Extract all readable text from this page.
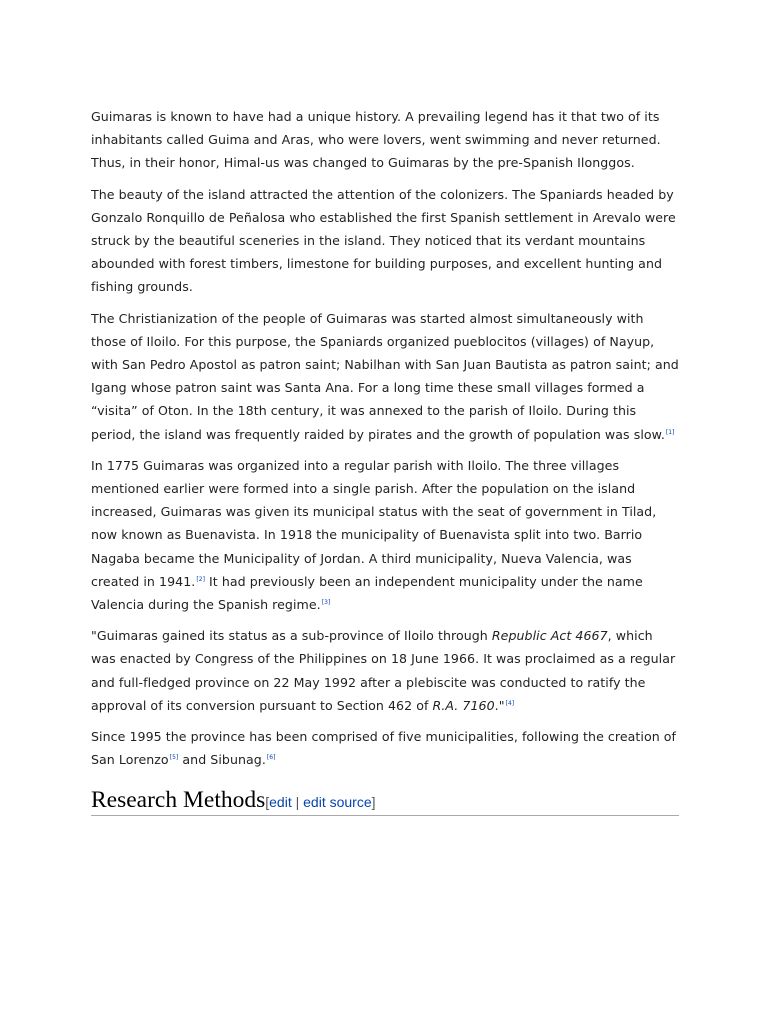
Guimaras is known to have had a unique history. A prevailing legend has it that two of its inhabitants called Guima and Aras, who were lovers, went swimming and never returned. Thus, in their honor, Himal-us was changed to Guimaras by the pre-Spanish Ilonggos.

The beauty of the island attracted the attention of the colonizers. The Spaniards headed by Gonzalo Ronquillo de Peñalosa who established the first Spanish settlement in Arevalo were struck by the beautiful sceneries in the island. They noticed that its verdant mountains abounded with forest timbers, limestone for building purposes, and excellent hunting and fishing grounds.

The Christianization of the people of Guimaras was started almost simultaneously with those of Iloilo. For this purpose, the Spaniards organized pueblocitos (villages) of Nayup, with San Pedro Apostol as patron saint; Nabilhan with San Juan Bautista as patron saint; and Igang whose patron saint was Santa Ana. For a long time these small villages formed a “visita” of Oton. In the 18th century, it was annexed to the parish of Iloilo. During this period, the island was frequently raided by pirates and the growth of population was slow.[1]

In 1775 Guimaras was organized into a regular parish with Iloilo. The three villages mentioned earlier were formed into a single parish. After the population on the island increased, Guimaras was given its municipal status with the seat of government in Tilad, now known as Buenavista. In 1918 the municipality of Buenavista split into two. Barrio Nagaba became the Municipality of Jordan. A third municipality, Nueva Valencia, was created in 1941.[2] It had previously been an independent municipality under the name Valencia during the Spanish regime.[3]

"Guimaras gained its status as a sub-province of Iloilo through Republic Act 4667, which was enacted by Congress of the Philippines on 18 June 1966. It was proclaimed as a regular and full-fledged province on 22 May 1992 after a plebiscite was conducted to ratify the approval of its conversion pursuant to Section 462 of R.A. 7160."[4]

Since 1995 the province has been comprised of five municipalities, following the creation of San Lorenzo[5] and Sibunag.[6]

Research Methods[edit | edit source]
